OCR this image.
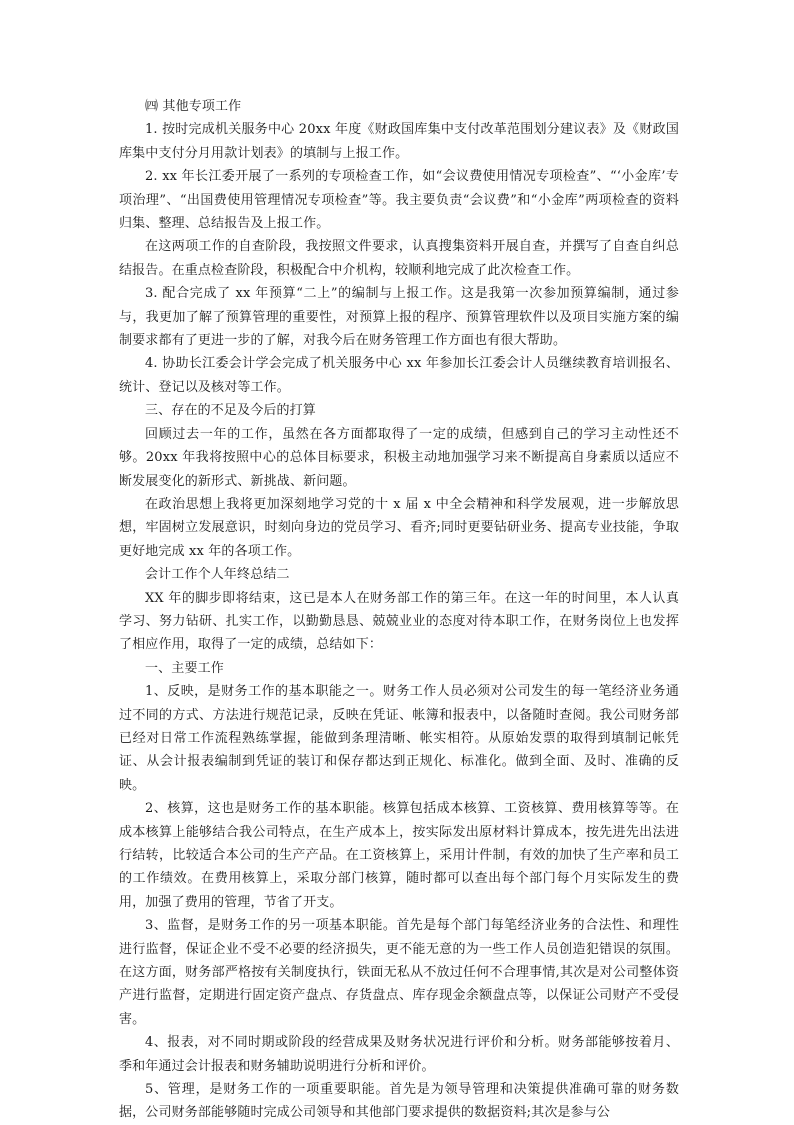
㈣ 其他专项工作

1. 按时完成机关服务中心 20xx 年度《财政国库集中支付改革范围划分建议表》及《财政国库集中支付分月用款计划表》的填制与上报工作。

2. xx 年长江委开展了一系列的专项检查工作，如“会议费使用情况专项检查”、“‘小金库’专项治理”、“出国费使用管理情况专项检查”等。我主要负责“会议费”和“小金库”两项检查的资料归集、整理、总结报告及上报工作。

在这两项工作的自查阶段，我按照文件要求，认真搜集资料开展自查，并撰写了自查自纠总结报告。在重点检查阶段，积极配合中介机构，较顺利地完成了此次检查工作。

3. 配合完成了 xx 年预算“二上”的编制与上报工作。这是我第一次参加预算编制，通过参与，我更加了解了预算管理的重要性，对预算上报的程序、预算管理软件以及项目实施方案的编制要求都有了更进一步的了解，对我今后在财务管理工作方面也有很大帮助。

4. 协助长江委会计学会完成了机关服务中心 xx 年参加长江委会计人员继续教育培训报名、统计、登记以及核对等工作。

三、存在的不足及今后的打算

回顾过去一年的工作，虽然在各方面都取得了一定的成绩，但感到自己的学习主动性还不够。20xx 年我将按照中心的总体目标要求，积极主动地加强学习来不断提高自身素质以适应不断发展变化的新形式、新挑战、新问题。

在政治思想上我将更加深刻地学习党的十 x 届 x 中全会精神和科学发展观，进一步解放思想，牢固树立发展意识，时刻向身边的党员学习、看齐;同时更要钻研业务、提高专业技能，争取更好地完成 xx 年的各项工作。

会计工作个人年终总结二

XX 年的脚步即将结束，这已是本人在财务部工作的第三年。在这一年的时间里，本人认真学习、努力钻研、扎实工作，以勤勤恳恳、兢兢业业的态度对待本职工作，在财务岗位上也发挥了相应作用，取得了一定的成绩，总结如下：

一、主要工作

1、反映，是财务工作的基本职能之一。财务工作人员必须对公司发生的每一笔经济业务通过不同的方式、方法进行规范记录，反映在凭证、帐簿和报表中，以备随时查阅。我公司财务部已经对日常工作流程熟练掌握，能做到条理清晰、帐实相符。从原始发票的取得到填制记帐凭证、从会计报表编制到凭证的装订和保存都达到正规化、标准化。做到全面、及时、准确的反映。

2、核算，这也是财务工作的基本职能。核算包括成本核算、工资核算、费用核算等等。在成本核算上能够结合我公司特点，在生产成本上，按实际发出原材料计算成本，按先进先出法进行结转，比较适合本公司的生产产品。在工资核算上，采用计件制，有效的加快了生产率和员工的工作绩效。在费用核算上，采取分部门核算，随时都可以查出每个部门每个月实际发生的费用，加强了费用的管理，节省了开支。

3、监督，是财务工作的另一项基本职能。首先是每个部门每笔经济业务的合法性、和理性进行监督，保证企业不受不必要的经济损失，更不能无意的为一些工作人员创造犯错误的氛围。在这方面，财务部严格按有关制度执行，铁面无私从不放过任何不合理事情,其次是对公司整体资产进行监督，定期进行固定资产盘点、存货盘点、库存现金余额盘点等，以保证公司财产不受侵害。

4、报表，对不同时期或阶段的经营成果及财务状况进行评价和分析。财务部能够按着月、季和年通过会计报表和财务辅助说明进行分析和评价。

5、管理，是财务工作的一项重要职能。首先是为领导管理和决策提供准确可靠的财务数据，公司财务部能够随时完成公司领导和其他部门要求提供的数据资料;其次是参与公
